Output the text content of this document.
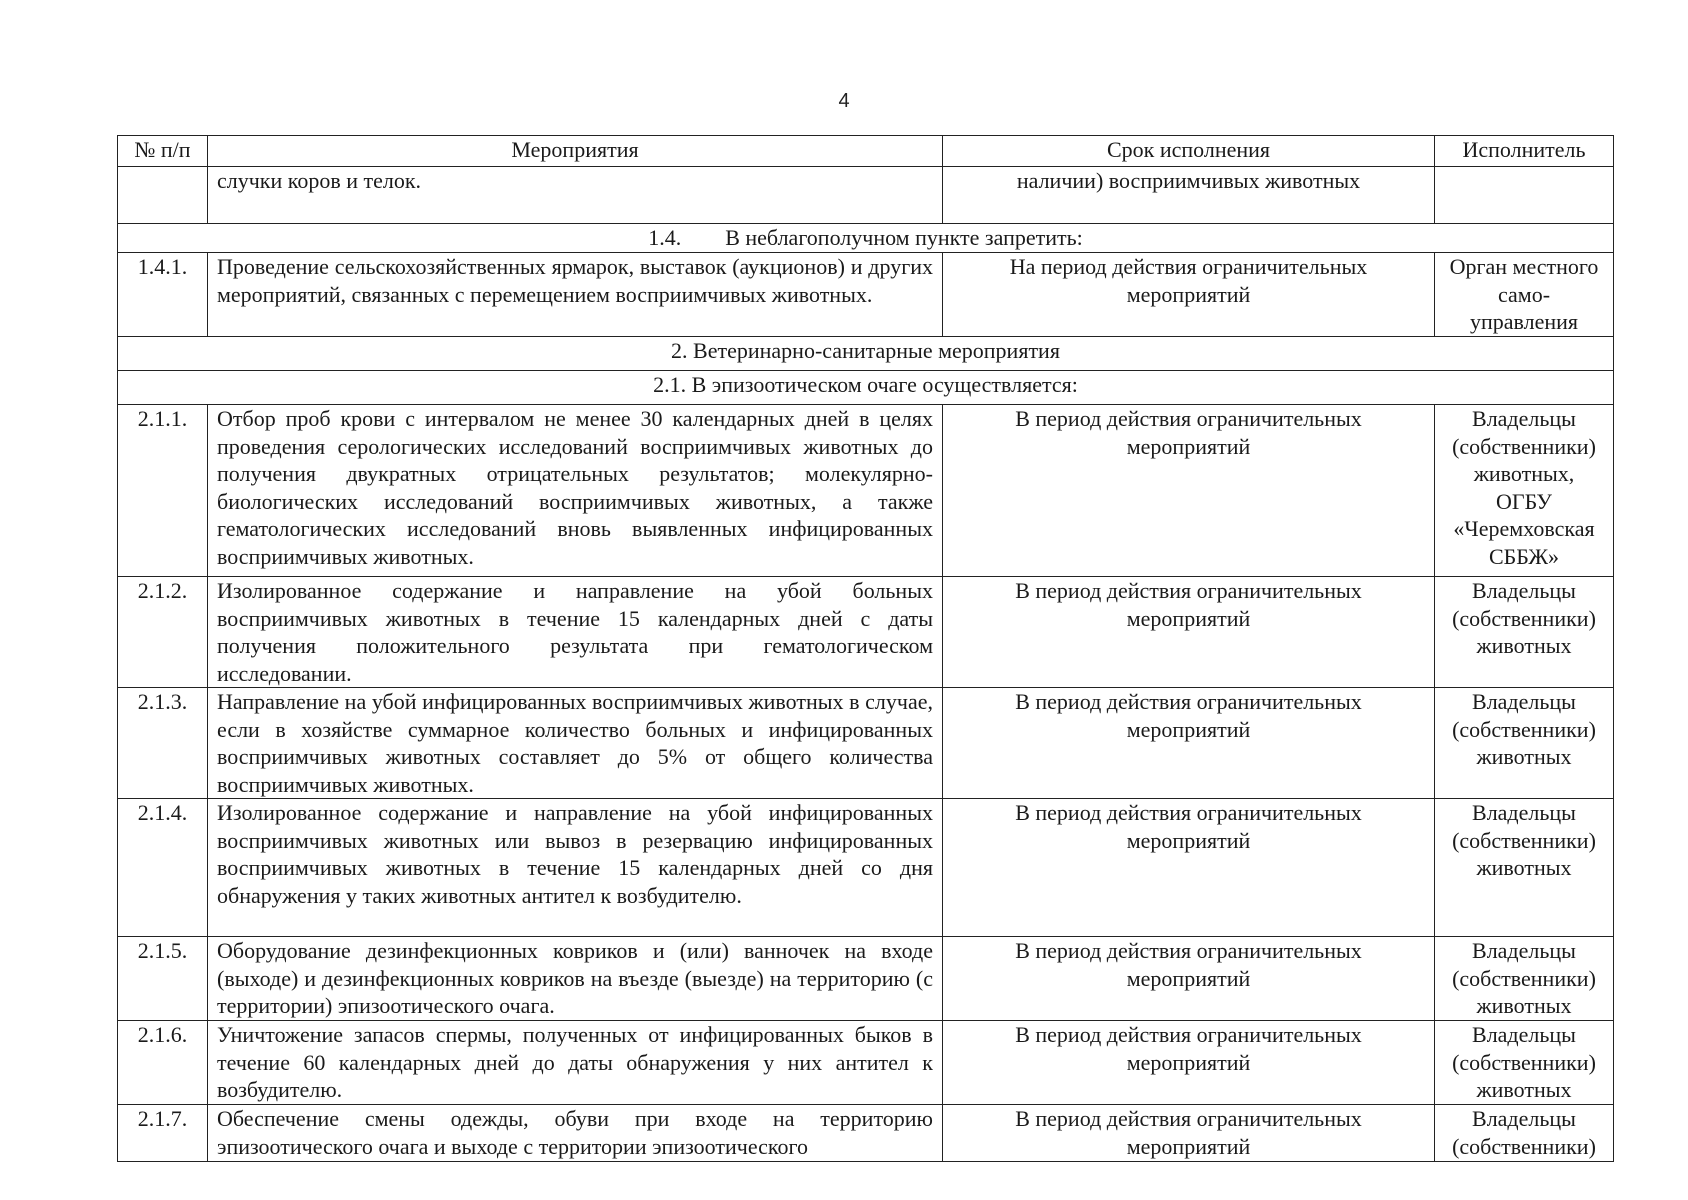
4
№ п/п	Мероприятия	Срок исполнения	Исполнитель
	случки коров и телок.	наличии) восприимчивых животных	
1.4.  В неблагополучном пункте запретить:			
1.4.1.	Проведение сельскохозяйственных ярмарок, выставок (аукционов) и других мероприятий, связанных с перемещением восприимчивых животных.	На период действия ограничительных мероприятий	Орган местного само-управления
2. Ветеринарно-санитарные мероприятия			
2.1. В эпизоотическом очаге осуществляется:			
2.1.1.	Отбор проб крови с интервалом не менее 30 календарных дней в целях проведения серологических исследований восприимчивых животных до получения двукратных отрицательных результатов; молекулярно-биологических исследований восприимчивых животных, а также гематологических исследований вновь выявленных инфицированных восприимчивых животных.	В период действия ограничительных мероприятий	Владельцы (собственники) животных, ОГБУ «Черемховская СББЖ»
2.1.2.	Изолированное содержание и направление на убой больных восприимчивых животных в течение 15 календарных дней с даты получения положительного результата при гематологическом исследовании.	В период действия ограничительных мероприятий	Владельцы (собственники) животных
2.1.3.	Направление на убой инфицированных восприимчивых животных в случае, если в хозяйстве суммарное количество больных и инфицированных восприимчивых животных составляет до 5% от общего количества восприимчивых животных.	В период действия ограничительных мероприятий	Владельцы (собственники) животных
2.1.4.	Изолированное содержание и направление на убой инфицированных восприимчивых животных или вывоз в резервацию инфицированных восприимчивых животных в течение 15 календарных дней со дня обнаружения у таких животных антител к возбудителю.	В период действия ограничительных мероприятий	Владельцы (собственники) животных
2.1.5.	Оборудование дезинфекционных ковриков и (или) ванночек на входе (выходе) и дезинфекционных ковриков на въезде (выезде) на территорию (с территории) эпизоотического очага.	В период действия ограничительных мероприятий	Владельцы (собственники) животных
2.1.6.	Уничтожение запасов спермы, полученных от инфицированных быков в течение 60 календарных дней до даты обнаружения у них антител к возбудителю.	В период действия ограничительных мероприятий	Владельцы (собственники) животных
2.1.7.	Обеспечение смены одежды, обуви при входе на территорию эпизоотического очага и выходе с территории эпизоотического	В период действия ограничительных мероприятий	Владельцы (собственники)
